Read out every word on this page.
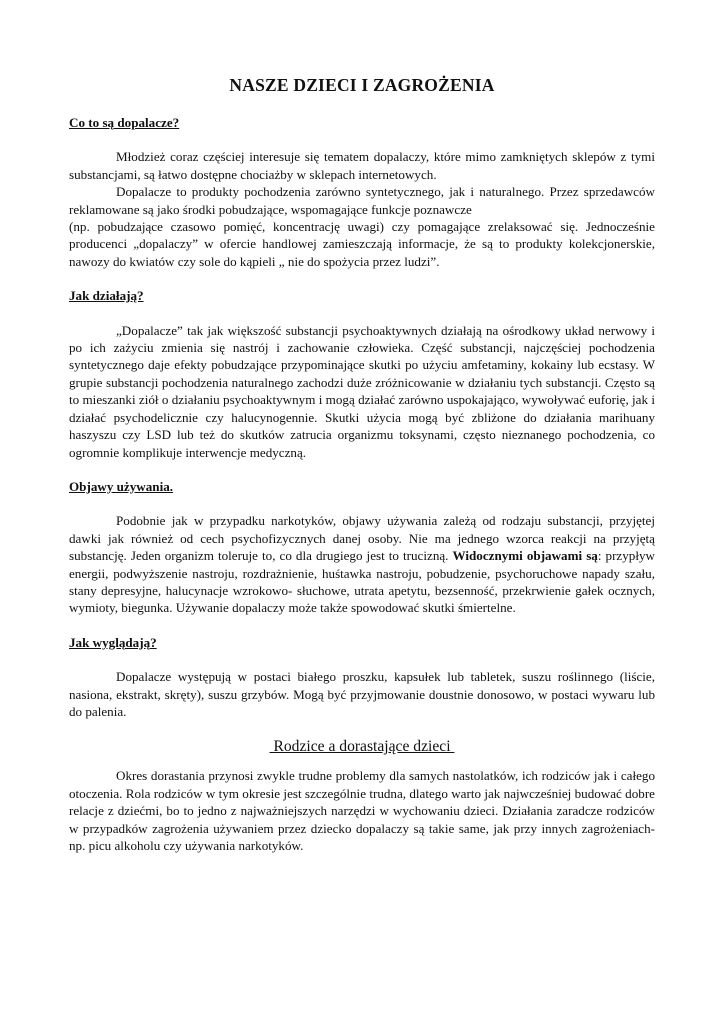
NASZE DZIECI I ZAGROŻENIA
Co to są dopalacze?

Młodzież coraz częściej interesuje się tematem dopalaczy, które mimo zamkniętych sklepów z tymi substancjami, są łatwo dostępne chociażby w sklepach internetowych.

Dopalacze to produkty pochodzenia zarówno syntetycznego, jak i naturalnego. Przez sprzedawców reklamowane są jako środki pobudzające, wspomagające funkcje poznawcze

(np. pobudzające czasowo pomięć, koncentrację uwagi) czy pomagające zrelaksować się. Jednocześnie producenci „dopalaczy” w ofercie handlowej zamieszczają informacje, że są to produkty kolekcjonerskie, nawozy do kwiatów czy sole do kąpieli „ nie do spożycia przez ludzi”.

Jak działają?

„Dopalacze” tak jak większość substancji psychoaktywnych działają na ośrodkowy układ nerwowy i po ich zażyciu zmienia się nastrój i zachowanie człowieka. Część substancji, najczęściej pochodzenia syntetycznego daje efekty pobudzające przypominające skutki po użyciu amfetaminy, kokainy lub ecstasy. W grupie substancji pochodzenia naturalnego zachodzi duże zróżnicowanie w działaniu tych substancji. Często są to mieszanki ziół o działaniu psychoaktywnym i mogą działać zarówno uspokajająco, wywoływać euforię, jak i działać psychodelicznie czy halucynogennie. Skutki użycia mogą być zbliżone do działania marihuany haszyszu czy LSD lub też do skutków zatrucia organizmu toksynami, często nieznanego pochodzenia, co ogromnie komplikuje interwencje medyczną.

Objawy używania.

Podobnie jak w przypadku narkotyków, objawy używania zależą od rodzaju substancji, przyjętej dawki jak również od cech psychofizycznych danej osoby. Nie ma jednego wzorca reakcji na przyjętą substancję. Jeden organizm toleruje to, co dla drugiego jest to trucizną. Widocznymi objawami są: przypływ energii, podwyższenie nastroju, rozdrażnienie, huśtawka nastroju, pobudzenie, psychoruchowe napady szału, stany depresyjne, halucynacje wzrokowo- słuchowe, utrata apetytu, bezsenność, przekrwienie gałek ocznych, wymioty, biegunka. Używanie dopalaczy może także spowodować skutki śmiertelne.

Jak wyglądają?

Dopalacze występują w postaci białego proszku, kapsułek lub tabletek, suszu roślinnego (liście, nasiona, ekstrakt, skręty), suszu grzybów. Mogą być przyjmowanie doustnie donosowo, w postaci wywaru lub do palenia.

Rodzice a dorastające dzieci

Okres dorastania przynosi zwykle trudne problemy dla samych nastolatków, ich rodziców jak i całego otoczenia. Rola rodziców w tym okresie jest szczególnie trudna, dlatego warto jak najwcześniej budować dobre relacje z dziećmi, bo to jedno z najważniejszych narzędzi w wychowaniu dzieci. Działania zaradcze rodziców w przypadków zagrożenia używaniem przez dziecko dopalaczy są takie same, jak przy innych zagrożeniach- np. picu alkoholu czy używania narkotyków.
